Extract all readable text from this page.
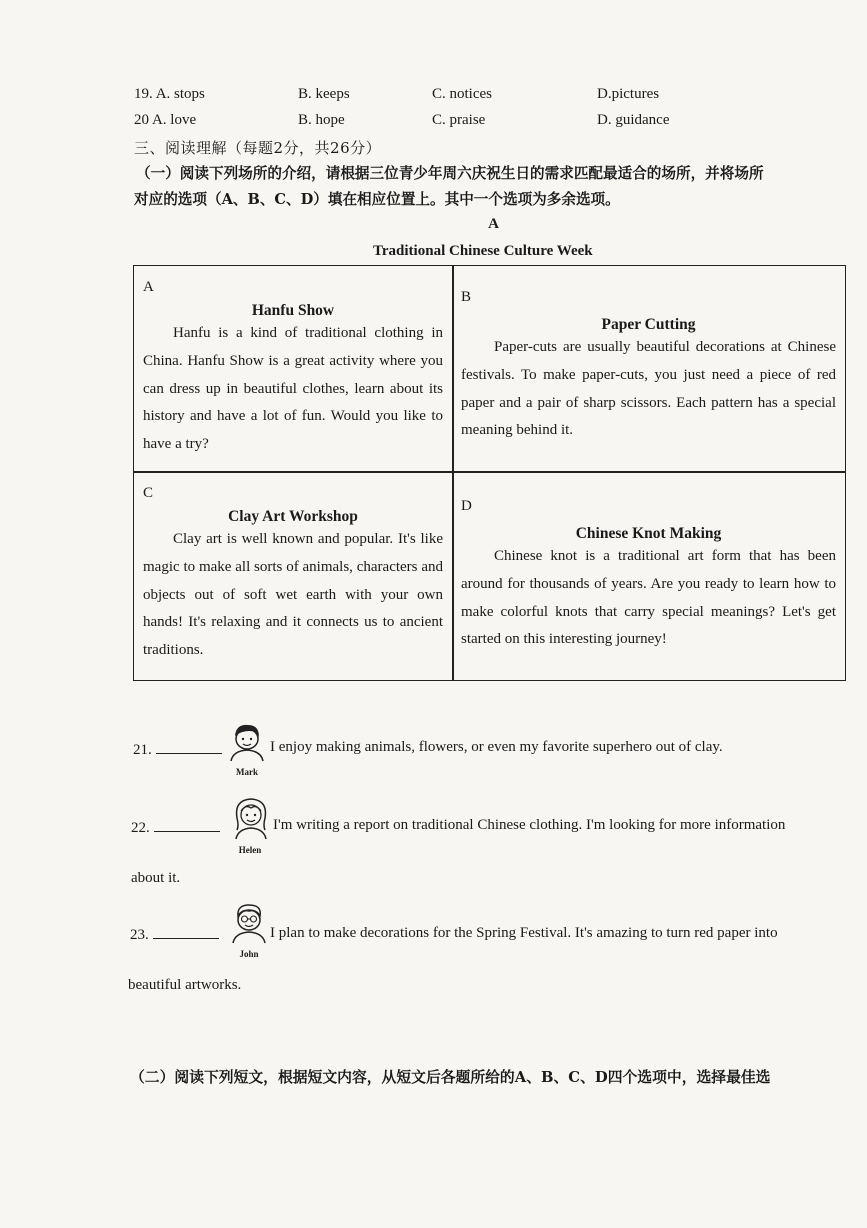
19. A. stops	B. keeps	C. notices	D.pictures
20 A. love	B. hope	C. praise	D. guidance
三、阅读理解（每题2分，共26分）
（一）阅读下列场所的介绍，请根据三位青少年周六庆祝生日的需求匹配最适合的场所，并将场所
对应的选项（A、B、C、D）填在相应位置上。其中一个选项为多余选项。
A
Traditional Chinese Culture Week
A
Hanfu Show

Hanfu is a kind of traditional clothing in China. Hanfu Show is a great activity where you can dress up in beautiful clothes, learn about its history and have a lot of fun. Would you like to have a try?

B
Paper Cutting

Paper-cuts are usually beautiful decorations at Chinese festivals. To make paper-cuts, you just need a piece of red paper and a pair of sharp scissors. Each pattern has a special meaning behind it.

C
Clay Art Workshop

Clay art is well known and popular. It's like magic to make all sorts of animals, characters and objects out of soft wet earth with your own hands! It's relaxing and it connects us to ancient traditions.

D
Chinese Knot Making

Chinese knot is a traditional art form that has been around for thousands of years. Are you ready to learn how to make colorful knots that carry special meanings? Let's get started on this interesting journey!

21.
Mark
I enjoy making animals, flowers, or even my favorite superhero out of clay.
22.
Helen
I'm writing a report on traditional Chinese clothing. I'm looking for more information
about it.
23.
John
I plan to make decorations for the Spring Festival. It's amazing to turn red paper into
beautiful artworks.
（二）阅读下列短文，根据短文内容，从短文后各题所给的A、B、C、D四个选项中，选择最佳选
